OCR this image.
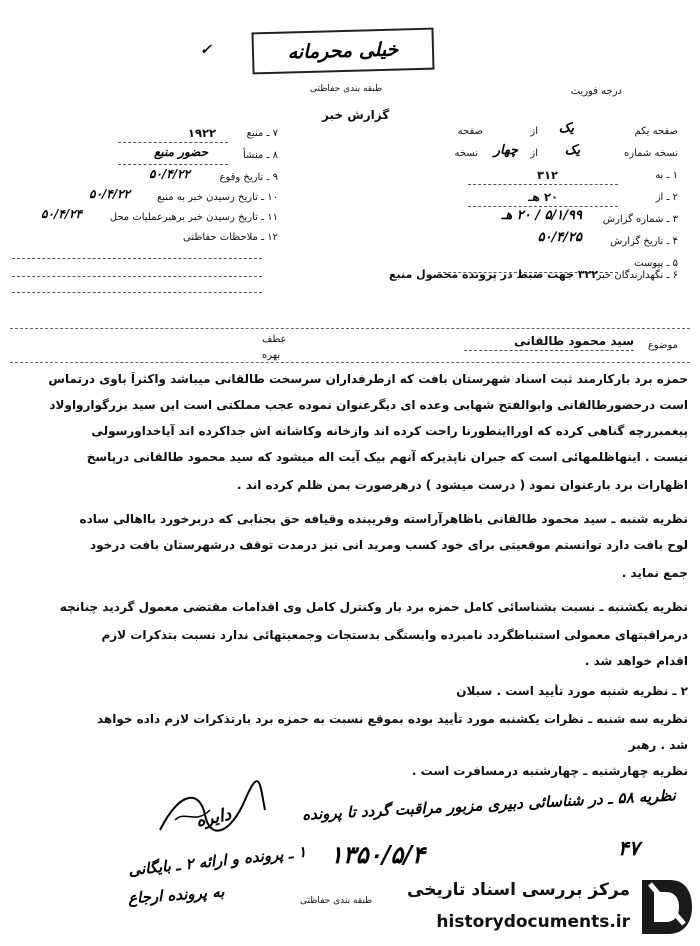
خیلی محرمانه
✓
طبقه بندی حفاظتی	درجه فوریت
گزارش خبر
صفحه یکم
یک
از
صفحه
نسخه شماره
یک
از
چهار
نسخه
۱ ـ به
۳۱۲
۲ ـ از
۲۰ هـ
۳ ـ شماره گزارش
۵/۱/۹۹ / ۲۰ هـ
۴ ـ تاریخ گزارش
۵۰/۴/۲۵
۵ ـ پیوست
۶ ـ نگهدارندگان خبر
۳۲۲ جهت ضبط در پرونده محصول منبع
۷ ـ منبع
۱۹۲۲
۸ ـ منشأ
حضور منبع
۹ ـ تاریخ وقوع
۵۰/۴/۲۲
۱۰ ـ تاریخ رسیدن خبر به منبع
۵۰/۴/۲۲
۱۱ ـ تاریخ رسیدن خبر برهبرعملیات محل
۵۰/۴/۲۴
۱۲ ـ ملاحظات حفاظتی
موضوع
سید محمود طالقانی
عطف
بهره
حمزه برد بارکارمند ثبت اسناد شهرستان بافت که ازطرفداران سرسخت طالقانی میباشد واکثراً باوی درتماس
است درحضورطالقانی وابوالفتح شهابی وعده ای دیگرعنوان نموده عجب مملکتی است این سید بزرگوارواولاد
پیغمبررچه گناهی کرده که اورااینطورنا راحت کرده اند وازخانه وکاشانه اش جداکرده اند آیاخداورسولی
نیست . اینهاظلمهائی است که جبران ناپذیرکه آنهم بیک آیت اله میشود که سید محمود طالقانی درپاسخ
اظهارات برد بارعنوان نمود ( درست میشود ) درهرصورت بمن ظلم کرده اند .
نظریه شنبه ـ سید محمود طالقانی باظاهرآراسته وفریبنده وقیافه حق بجنابی که دربرخورد بااهالی ساده
لوح بافت دارد توانستم موقعیتی برای خود کسب ومرید انی نیز درمدت توقف درشهرستان بافت درخود
جمع نماید .
نظریه یکشنبه ـ نسبت بشناسائی کامل حمزه برد بار وکنترل کامل وی اقدامات مقتضی معمول گردید چنانچه
درمراقبتهای معمولی استنباطگردد نامبرده وابستگی بدستجات وجمعیتهائی ندارد نسبت بتذکرات لازم
اقدام خواهد شد .
۲ ـ نظریه شنبه مورد تأیید است . سبلان
نظریه سه شنبه ـ نظرات یکشنبه مورد تأیید بوده بموقع نسبت به حمزه برد بارتذکرات لازم داده خواهد
شد . رهبر
نظریه چهارشنبه ـ چهارشنبه درمسافرت است .
نظریه ۵۸ ـ در شناسائی دبیری مزبور مراقبت گردد تا پرونده
۱۳۵۰/۵/۴	۴۷
دایره
۱ ـ پرونده و ارائه ۲ ـ بایگانی
به پرونده ارجاع	طبقه بندی حفاظتی
مرکز بررسی اسناد تاریخی
historydocuments.ir
